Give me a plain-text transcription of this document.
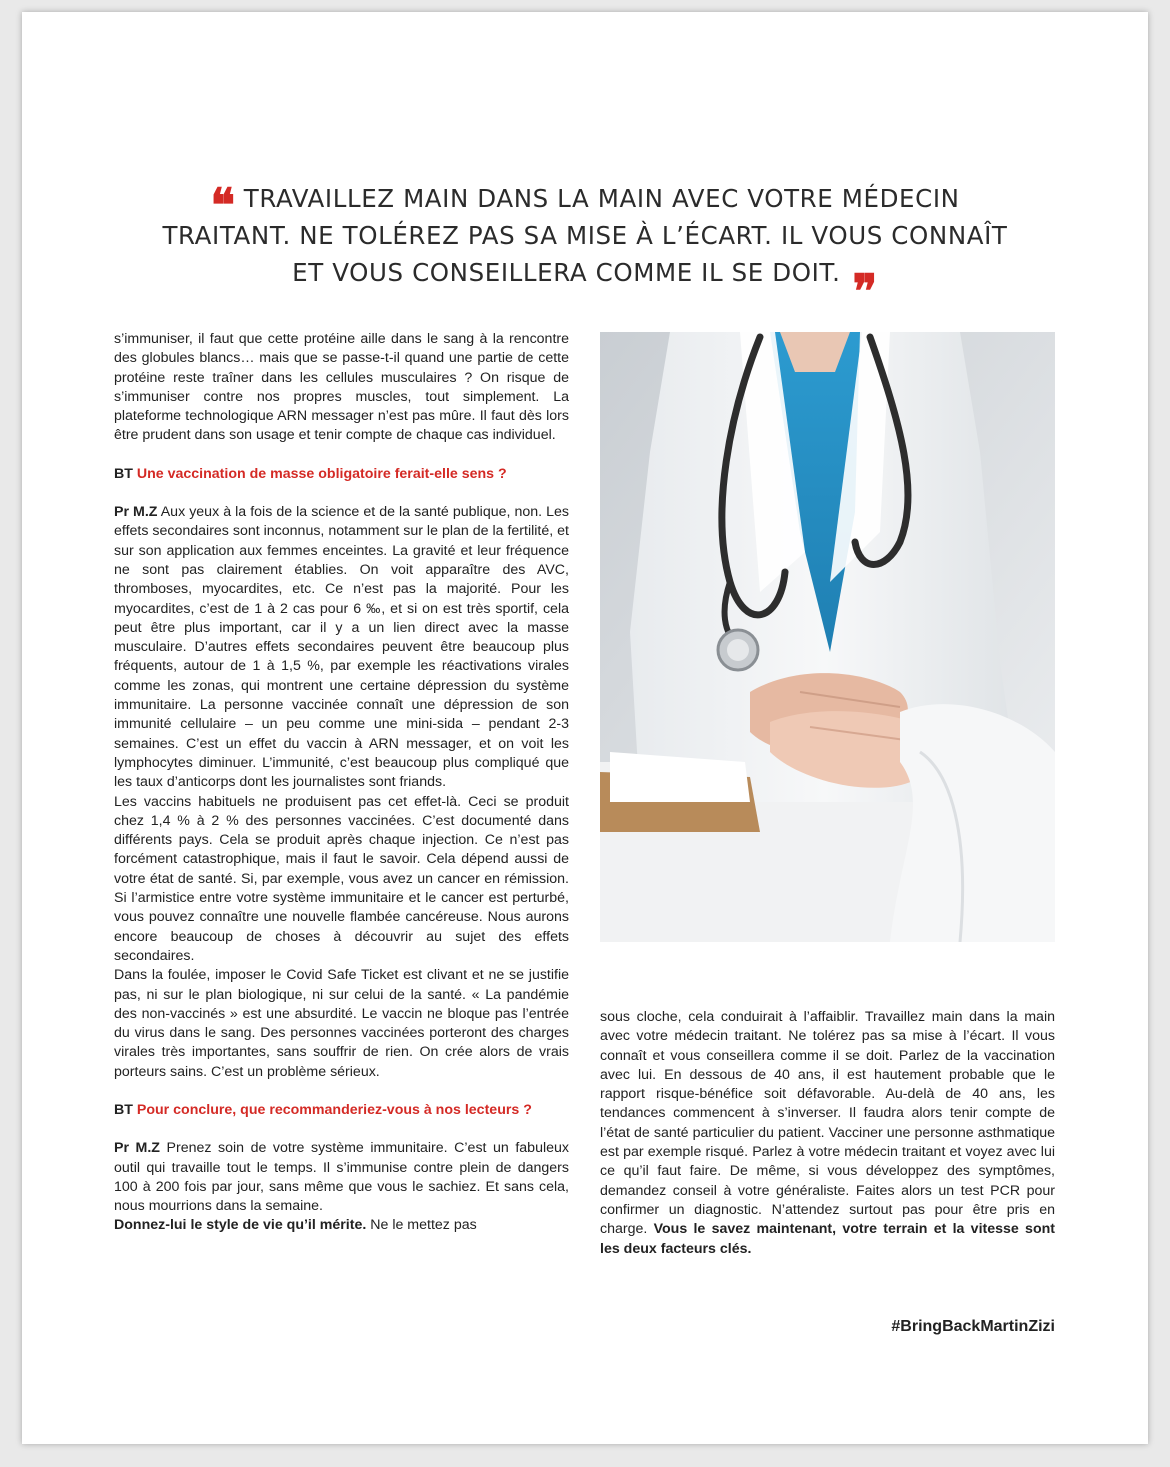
❝ TRAVAILLEZ MAIN DANS LA MAIN AVEC VOTRE MÉDECIN
TRAITANT. NE TOLÉREZ PAS SA MISE À L’ÉCART. IL VOUS CONNAÎT
ET VOUS CONSEILLERA COMME IL SE DOIT. ❞

s’immuniser, il faut que cette protéine aille dans le sang à la rencontre des globules blancs… mais que se passe-t-il quand une partie de cette protéine reste traîner dans les cellules musculaires ? On risque de s’immuniser contre nos propres muscles, tout simplement. La plateforme technologique ARN messager n’est pas mûre. Il faut dès lors être prudent dans son usage et tenir compte de chaque cas individuel.

BT Une vaccination de masse obligatoire ferait-elle sens ?

Pr M.Z Aux yeux à la fois de la science et de la santé publique, non. Les effets secondaires sont inconnus, notamment sur le plan de la fertilité, et sur son application aux femmes enceintes. La gravité et leur fréquence ne sont pas clairement établies. On voit apparaître des AVC, thromboses, myocardites, etc. Ce n’est pas la majorité. Pour les myocardites, c’est de 1 à 2 cas pour 6 ‰, et si on est très sportif, cela peut être plus important, car il y a un lien direct avec la masse musculaire. D’autres effets secondaires peuvent être beaucoup plus fréquents, autour de 1 à 1,5 %, par exemple les réactivations virales comme les zonas, qui montrent une certaine dépression du système immunitaire. La personne vaccinée connaît une dépression de son immunité cellulaire – un peu comme une mini-sida – pendant 2-3 semaines. C’est un effet du vaccin à ARN messager, et on voit les lymphocytes diminuer. L’immunité, c’est beaucoup plus compliqué que les taux d’anticorps dont les journalistes sont friands.

Les vaccins habituels ne produisent pas cet effet-là. Ceci se produit chez 1,4 % à 2 % des personnes vaccinées. C’est documenté dans différents pays. Cela se produit après chaque injection. Ce n’est pas forcément catastrophique, mais il faut le savoir. Cela dépend aussi de votre état de santé. Si, par exemple, vous avez un cancer en rémission. Si l’armistice entre votre système immunitaire et le cancer est perturbé, vous pouvez connaître une nouvelle flambée cancéreuse. Nous aurons encore beaucoup de choses à découvrir au sujet des effets secondaires.

Dans la foulée, imposer le Covid Safe Ticket est clivant et ne se justifie pas, ni sur le plan biologique, ni sur celui de la santé. « La pandémie des non-vaccinés » est une absurdité. Le vaccin ne bloque pas l’entrée du virus dans le sang. Des personnes vaccinées porteront des charges virales très importantes, sans souffrir de rien. On crée alors de vrais porteurs sains. C’est un problème sérieux.

BT Pour conclure, que recommanderiez-vous à nos lecteurs ?

Pr M.Z Prenez soin de votre système immunitaire. C’est un fabuleux outil qui travaille tout le temps. Il s’immunise contre plein de dangers 100 à 200 fois par jour, sans même que vous le sachiez. Et sans cela, nous mourrions dans la semaine.

Donnez-lui le style de vie qu’il mérite. Ne le mettez pas

sous cloche, cela conduirait à l’affaiblir. Travaillez main dans la main avec votre médecin traitant. Ne tolérez pas sa mise à l’écart. Il vous connaît et vous conseillera comme il se doit. Parlez de la vaccination avec lui. En dessous de 40 ans, il est hautement probable que le rapport risque-bénéfice soit défavorable. Au-delà de 40 ans, les tendances commencent à s’inverser. Il faudra alors tenir compte de l’état de santé particulier du patient. Vacciner une personne asthmatique est par exemple risqué. Parlez à votre médecin traitant et voyez avec lui ce qu’il faut faire. De même, si vous développez des symptômes, demandez conseil à votre généraliste. Faites alors un test PCR pour confirmer un diagnostic. N’attendez surtout pas pour être pris en charge. Vous le savez maintenant, votre terrain et la vitesse sont les deux facteurs clés.

#BringBackMartinZizi
